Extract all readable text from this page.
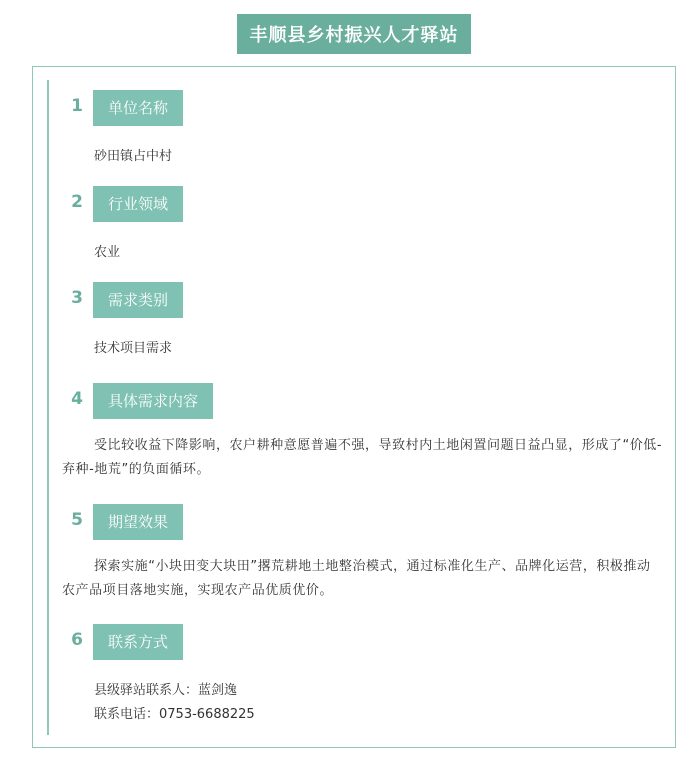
丰顺县乡村振兴人才驿站
1	单位名称
砂田镇占中村
2	行业领域
农业
3	需求类别
技术项目需求
4	具体需求内容

受比较收益下降影响，农户耕种意愿普遍不强，导致村内土地闲置问题日益凸显，形成了“价低-弃种-地荒”的负面循环。

5	期望效果

探索实施“小块田变大块田”撂荒耕地土地整治模式，通过标准化生产、品牌化运营，积极推动农产品项目落地实施，实现农产品优质优价。

6	联系方式
县级驿站联系人：蓝剑逸
联系电话：0753-6688225
